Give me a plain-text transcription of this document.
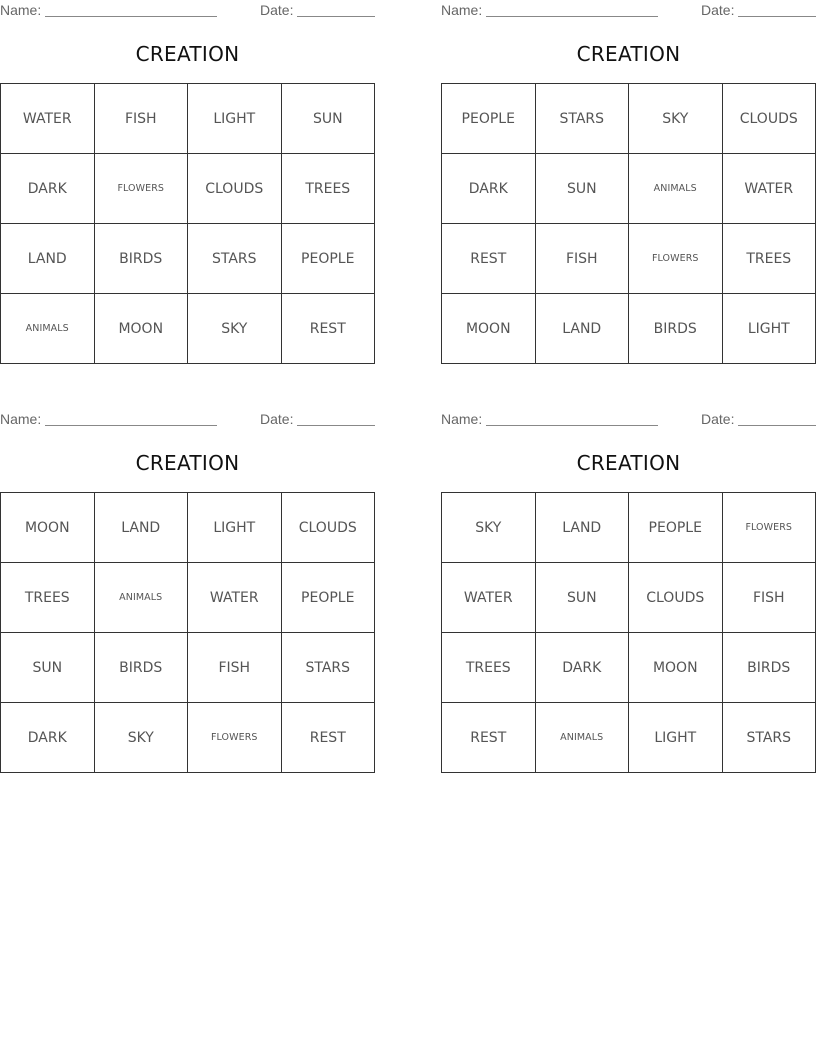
Name:	Date:
CREATION
WATER	FISH	LIGHT	SUN
DARK	FLOWERS	CLOUDS	TREES
LAND	BIRDS	STARS	PEOPLE
ANIMALS	MOON	SKY	REST
Name:	Date:
CREATION
PEOPLE	STARS	SKY	CLOUDS
DARK	SUN	ANIMALS	WATER
REST	FISH	FLOWERS	TREES
MOON	LAND	BIRDS	LIGHT
Name:	Date:
CREATION
MOON	LAND	LIGHT	CLOUDS
TREES	ANIMALS	WATER	PEOPLE
SUN	BIRDS	FISH	STARS
DARK	SKY	FLOWERS	REST
Name:	Date:
CREATION
SKY	LAND	PEOPLE	FLOWERS
WATER	SUN	CLOUDS	FISH
TREES	DARK	MOON	BIRDS
REST	ANIMALS	LIGHT	STARS
